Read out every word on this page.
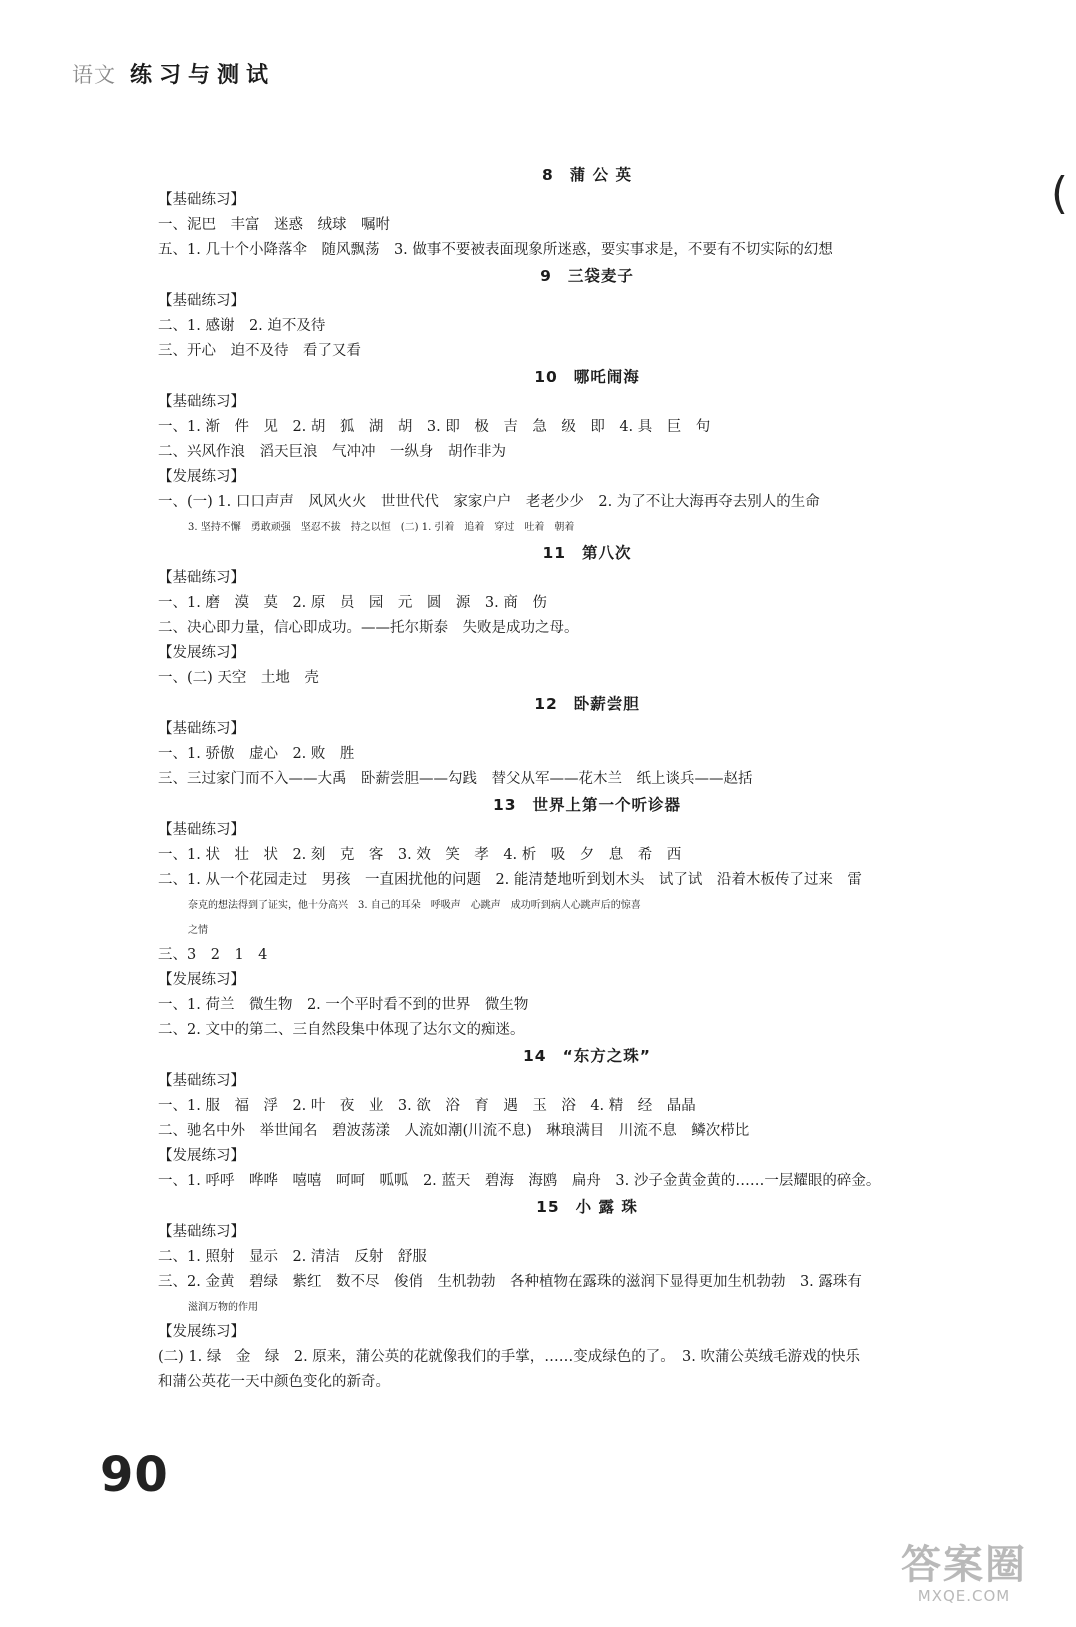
语文 练习与测试
(
8 蒲 公 英
【基础练习】
一、泥巴　丰富　迷惑　绒球　嘱咐
五、1. 几十个小降落伞　随风飘荡　3. 做事不要被表面现象所迷惑，要实事求是，不要有不切实际的幻想
9 三袋麦子
【基础练习】
二、1. 感谢　2. 迫不及待
三、开心　迫不及待　看了又看
10 哪吒闹海
【基础练习】
一、1. 渐　件　见　2. 胡　狐　湖　胡　3. 即　极　吉　急　级　即　4. 具　巨　句
二、兴风作浪　滔天巨浪　气冲冲　一纵身　胡作非为
【发展练习】
一、(一) 1. 口口声声　风风火火　世世代代　家家户户　老老少少　2. 为了不让大海再夺去别人的生命
3. 坚持不懈　勇敢顽强　坚忍不拔　持之以恒　(二) 1. 引着　追着　穿过　吐着　朝着
11 第八次
【基础练习】
一、1. 磨　漠　莫　2. 原　员　园　元　圆　源　3. 商　伤
二、决心即力量，信心即成功。——托尔斯泰　失败是成功之母。
【发展练习】
一、(二) 天空　土地　壳
12 卧薪尝胆
【基础练习】
一、1. 骄傲　虚心　2. 败　胜
三、三过家门而不入——大禹　卧薪尝胆——勾践　替父从军——花木兰　纸上谈兵——赵括
13 世界上第一个听诊器
【基础练习】
一、1. 状　壮　状　2. 刻　克　客　3. 效　笑　孝　4. 析　吸　夕　息　希　西
二、1. 从一个花园走过　男孩　一直困扰他的问题　2. 能清楚地听到划木头　试了试　沿着木板传了过来　雷
奈克的想法得到了证实，他十分高兴　3. 自己的耳朵　呼吸声　心跳声　成功听到病人心跳声后的惊喜
之情
三、3　2　1　4
【发展练习】
一、1. 荷兰　微生物　2. 一个平时看不到的世界　微生物
二、2. 文中的第二、三自然段集中体现了达尔文的痴迷。
14 “东方之珠”
【基础练习】
一、1. 服　福　浮　2. 叶　夜　业　3. 欲　浴　育　遇　玉　浴　4. 精　经　晶晶
二、驰名中外　举世闻名　碧波荡漾　人流如潮(川流不息)　琳琅满目　川流不息　鳞次栉比
【发展练习】
一、1. 呼呼　哗哗　嘻嘻　呵呵　呱呱　2. 蓝天　碧海　海鸥　扁舟　3. 沙子金黄金黄的……一层耀眼的碎金。
15 小 露 珠
【基础练习】
二、1. 照射　显示　2. 清洁　反射　舒服
三、2. 金黄　碧绿　紫红　数不尽　俊俏　生机勃勃　各种植物在露珠的滋润下显得更加生机勃勃　3. 露珠有
滋润万物的作用
【发展练习】
(二) 1. 绿　金　绿　2. 原来，蒲公英的花就像我们的手掌，……变成绿色的了。　3. 吹蒲公英绒毛游戏的快乐
和蒲公英花一天中颜色变化的新奇。
90
答案圈
MXQE.COM
